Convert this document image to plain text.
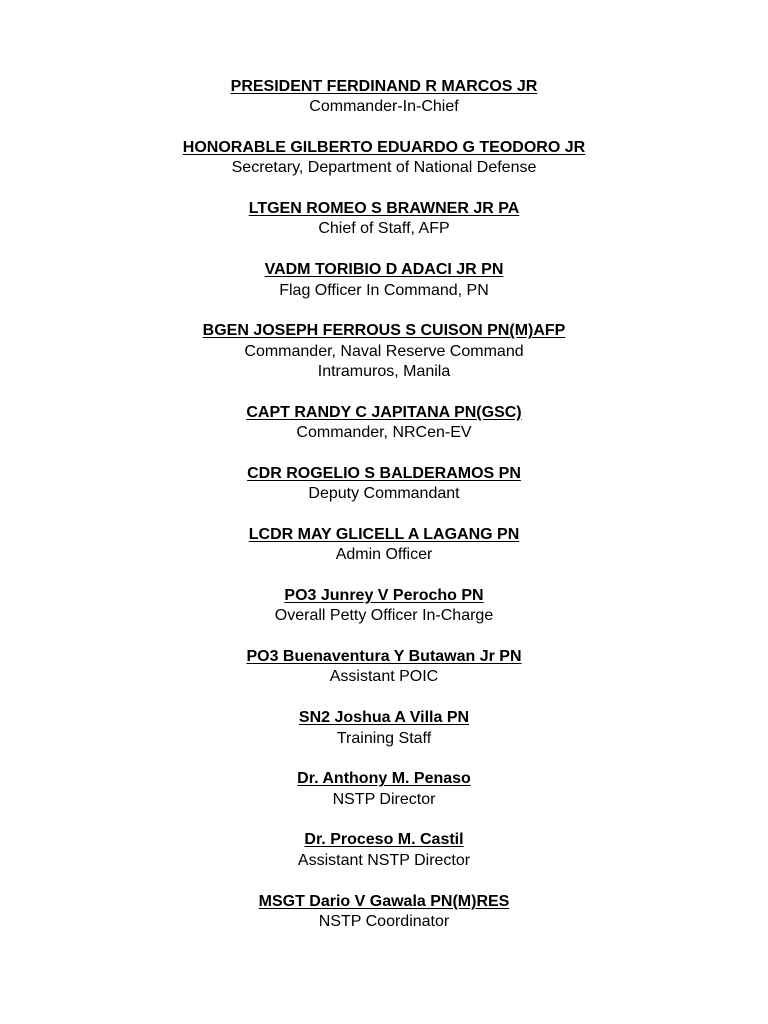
PRESIDENT FERDINAND R MARCOS JR
Commander-In-Chief
HONORABLE GILBERTO EDUARDO G TEODORO JR
Secretary, Department of National Defense
LTGEN ROMEO S BRAWNER JR PA
Chief of Staff, AFP
VADM TORIBIO D ADACI JR PN
Flag Officer In Command, PN
BGEN JOSEPH FERROUS S CUISON PN(M)AFP
Commander, Naval Reserve Command
Intramuros, Manila
CAPT RANDY C JAPITANA PN(GSC)
Commander, NRCen-EV
CDR ROGELIO S BALDERAMOS PN
Deputy Commandant
LCDR MAY GLICELL A LAGANG PN
Admin Officer
PO3 Junrey V Perocho PN
Overall Petty Officer In-Charge
PO3 Buenaventura Y Butawan Jr PN
Assistant POIC
SN2 Joshua A Villa PN
Training Staff
Dr. Anthony M. Penaso
NSTP Director
Dr. Proceso M. Castil
Assistant NSTP Director
MSGT Dario V Gawala PN(M)RES
NSTP Coordinator
